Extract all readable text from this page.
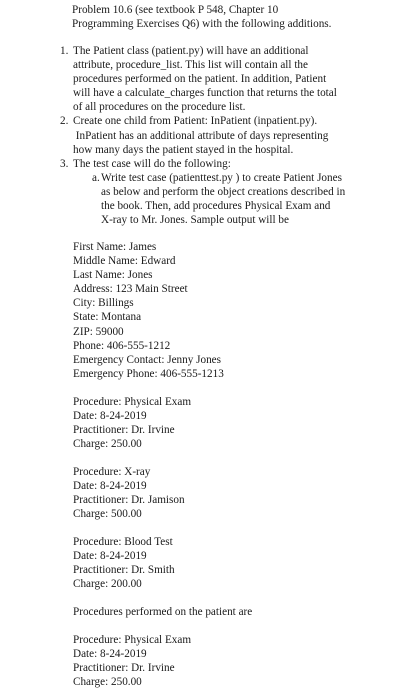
Problem 10.6 (see textbook P 548, Chapter 10
Programming Exercises Q6) with the following additions.
1. The Patient class (patient.py) will have an additional
attribute, procedure_list. This list will contain all the
procedures performed on the patient. In addition, Patient
will have a calculate_charges function that returns the total
of all procedures on the procedure list.
2. Create one child from Patient: InPatient (inpatient.py).
InPatient has an additional attribute of days representing
how many days the patient stayed in the hospital.
3. The test case will do the following:
a. Write test case (patienttest.py ) to create Patient Jones
as below and perform the object creations described in
the book. Then, add procedures Physical Exam and
X-ray to Mr. Jones. Sample output will be
First Name: James
Middle Name: Edward
Last Name: Jones
Address: 123 Main Street
City: Billings
State: Montana
ZIP: 59000
Phone: 406-555-1212
Emergency Contact: Jenny Jones
Emergency Phone: 406-555-1213
Procedure: Physical Exam
Date: 8-24-2019
Practitioner: Dr. Irvine
Charge: 250.00
Procedure: X-ray
Date: 8-24-2019
Practitioner: Dr. Jamison
Charge: 500.00
Procedure: Blood Test
Date: 8-24-2019
Practitioner: Dr. Smith
Charge: 200.00
Procedures performed on the patient are
Procedure: Physical Exam
Date: 8-24-2019
Practitioner: Dr. Irvine
Charge: 250.00
